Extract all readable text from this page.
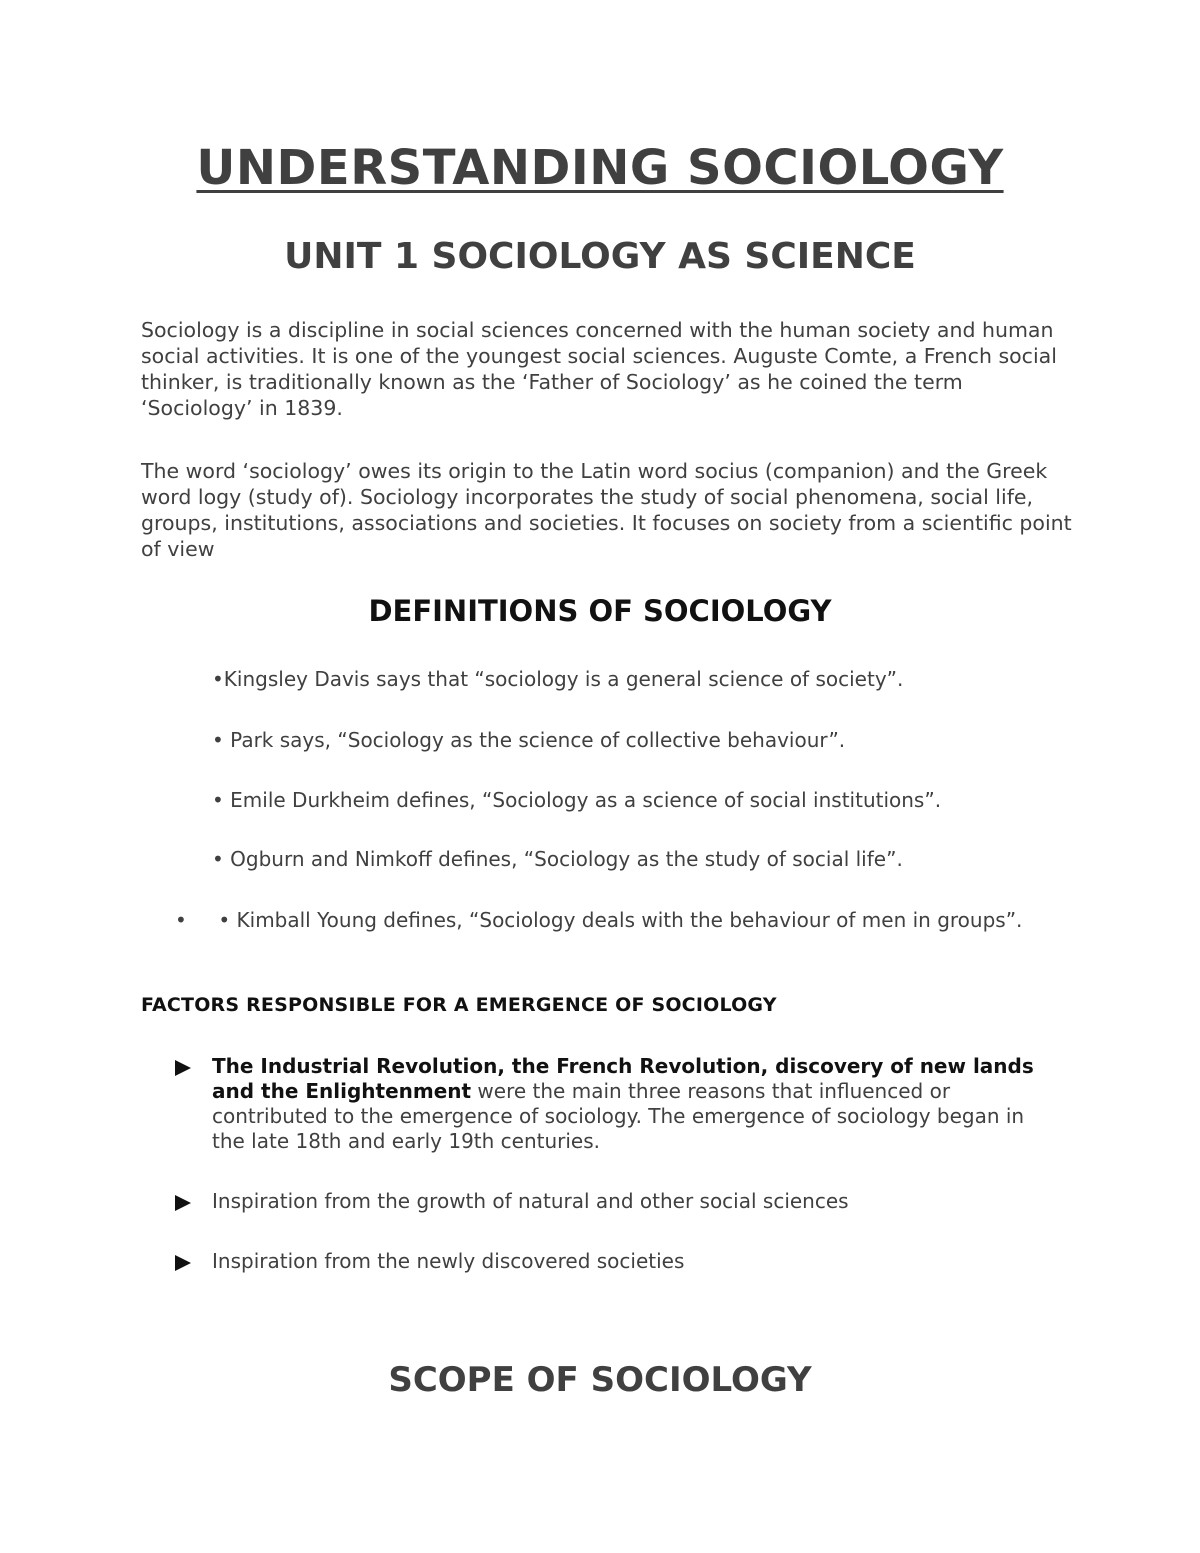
UNDERSTANDING SOCIOLOGY
UNIT 1 SOCIOLOGY AS SCIENCE

Sociology is a discipline in social sciences concerned with the human society and human social activities. It is one of the youngest social sciences. Auguste Comte, a French social thinker, is traditionally known as the ‘Father of Sociology’ as he coined the term ‘Sociology’ in 1839.

The word ‘sociology’ owes its origin to the Latin word socius (companion) and the Greek word logy (study of). Sociology incorporates the study of social phenomena, social life, groups, institutions, associations and societies. It focuses on society from a scientific point of view

DEFINITIONS OF SOCIOLOGY
•Kingsley Davis says that “sociology is a general science of society”.
• Park says, “Sociology as the science of collective behaviour”.
• Emile Durkheim defines, “Sociology as a science of social institutions”.
• Ogburn and Nimkoff defines, “Sociology as the study of social life”.
•	• Kimball Young defines, “Sociology deals with the behaviour of men in groups”.
FACTORS RESPONSIBLE FOR A EMERGENCE OF SOCIOLOGY
The Industrial Revolution, the French Revolution, discovery of new lands and the Enlightenment were the main three reasons that influenced or contributed to the emergence of sociology. The emergence of sociology began in the late 18th and early 19th centuries.
Inspiration from the growth of natural and other social sciences
Inspiration from the newly discovered societies
SCOPE OF SOCIOLOGY
